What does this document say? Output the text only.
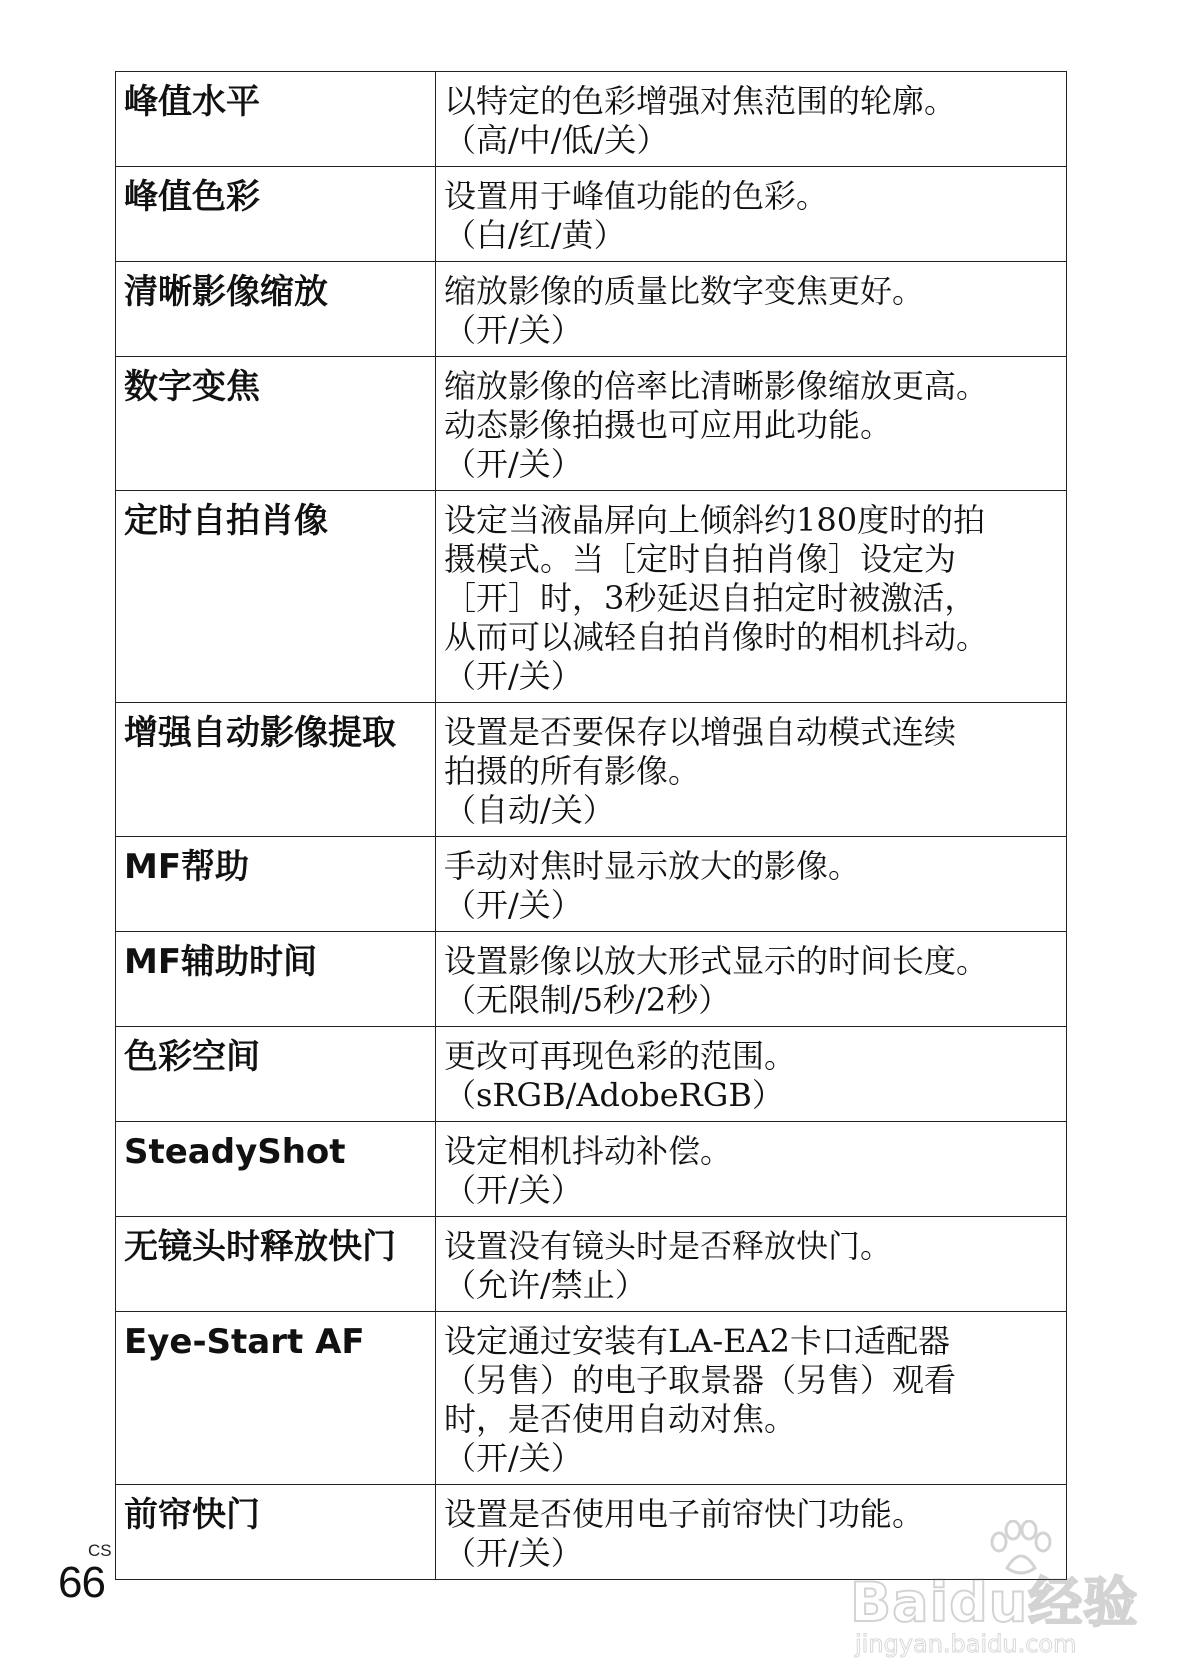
峰值水平	以特定的色彩增强对焦范围的轮廓。
（高/中/低/关）

峰值色彩	设置用于峰值功能的色彩。
（白/红/黄）

清晰影像缩放	缩放影像的质量比数字变焦更好。
（开/关）

数字变焦	缩放影像的倍率比清晰影像缩放更高。
动态影像拍摄也可应用此功能。
（开/关）

定时自拍肖像	设定当液晶屏向上倾斜约180度时的拍
摄模式。当［定时自拍肖像］设定为
［开］时，3秒延迟自拍定时被激活，
从而可以减轻自拍肖像时的相机抖动。
（开/关）

增强自动影像提取	设置是否要保存以增强自动模式连续
拍摄的所有影像。
（自动/关）

MF帮助	手动对焦时显示放大的影像。
（开/关）

MF辅助时间	设置影像以放大形式显示的时间长度。
（无限制/5秒/2秒）

色彩空间	更改可再现色彩的范围。
（sRGB/AdobeRGB）

SteadyShot	设定相机抖动补偿。
（开/关）

无镜头时释放快门	设置没有镜头时是否释放快门。
（允许/禁止）

Eye-Start AF	设定通过安装有LA-EA2卡口适配器
（另售）的电子取景器（另售）观看
时，是否使用自动对焦。
（开/关）

前帘快门	设置是否使用电子前帘快门功能。
（开/关）
CS
66	Baidu经验
jingyan.baidu.com
